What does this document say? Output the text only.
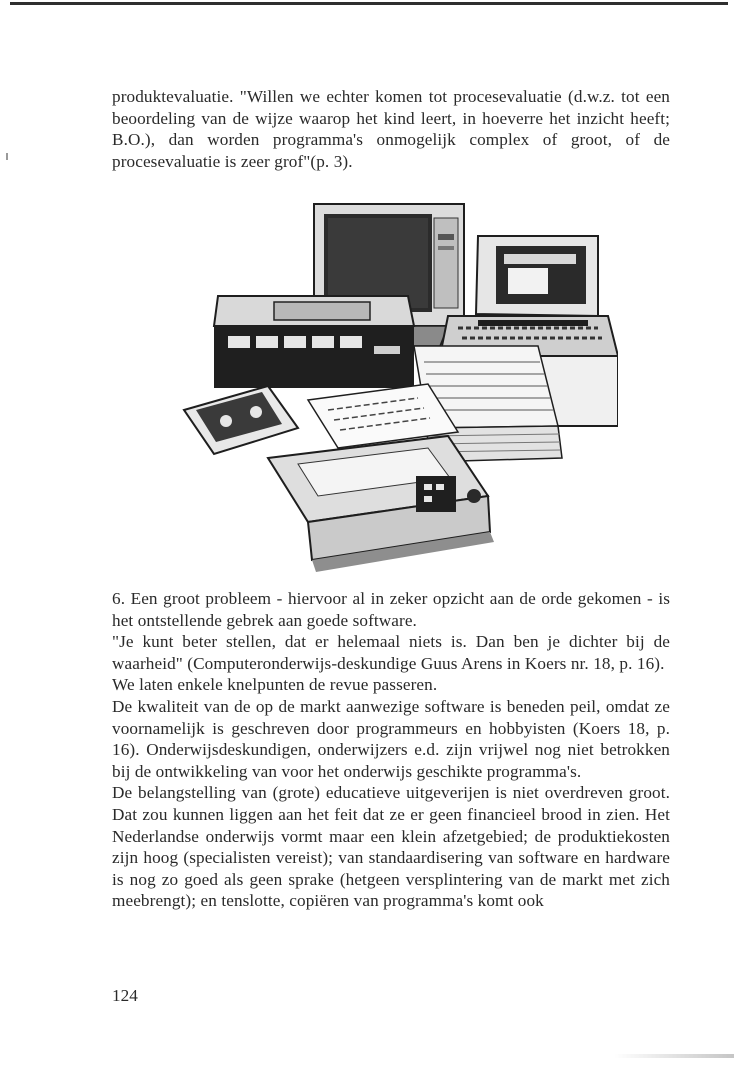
produktevaluatie. "Willen we echter komen tot procesevaluatie (d.w.z. tot een beoordeling van de wijze waarop het kind leert, in hoeverre het inzicht heeft; B.O.), dan worden programma's onmogelijk complex of groot, of de procesevaluatie is zeer grof"(p. 3).

6. Een groot probleem - hiervoor al in zeker opzicht aan de orde gekomen - is het ontstellende gebrek aan goede software.

"Je kunt beter stellen, dat er helemaal niets is. Dan ben je dichter bij de waarheid" (Computeronderwijs-deskundige Guus Arens in Koers nr. 18, p. 16).

We laten enkele knelpunten de revue passeren.

De kwaliteit van de op de markt aanwezige software is beneden peil, omdat ze voornamelijk is geschreven door programmeurs en hobbyisten (Koers 18, p. 16). Onderwijsdeskundigen, onderwijzers e.d. zijn vrijwel nog niet betrokken bij de ontwikkeling van voor het onderwijs geschikte programma's.

De belangstelling van (grote) educatieve uitgeverijen is niet overdreven groot. Dat zou kunnen liggen aan het feit dat ze er geen financieel brood in zien. Het Nederlandse onderwijs vormt maar een klein afzetgebied; de produktiekosten zijn hoog (specialisten vereist); van standaardisering van software en hardware is nog zo goed als geen sprake (hetgeen versplintering van de markt met zich meebrengt); en tenslotte, copiëren van programma's komt ook

124
